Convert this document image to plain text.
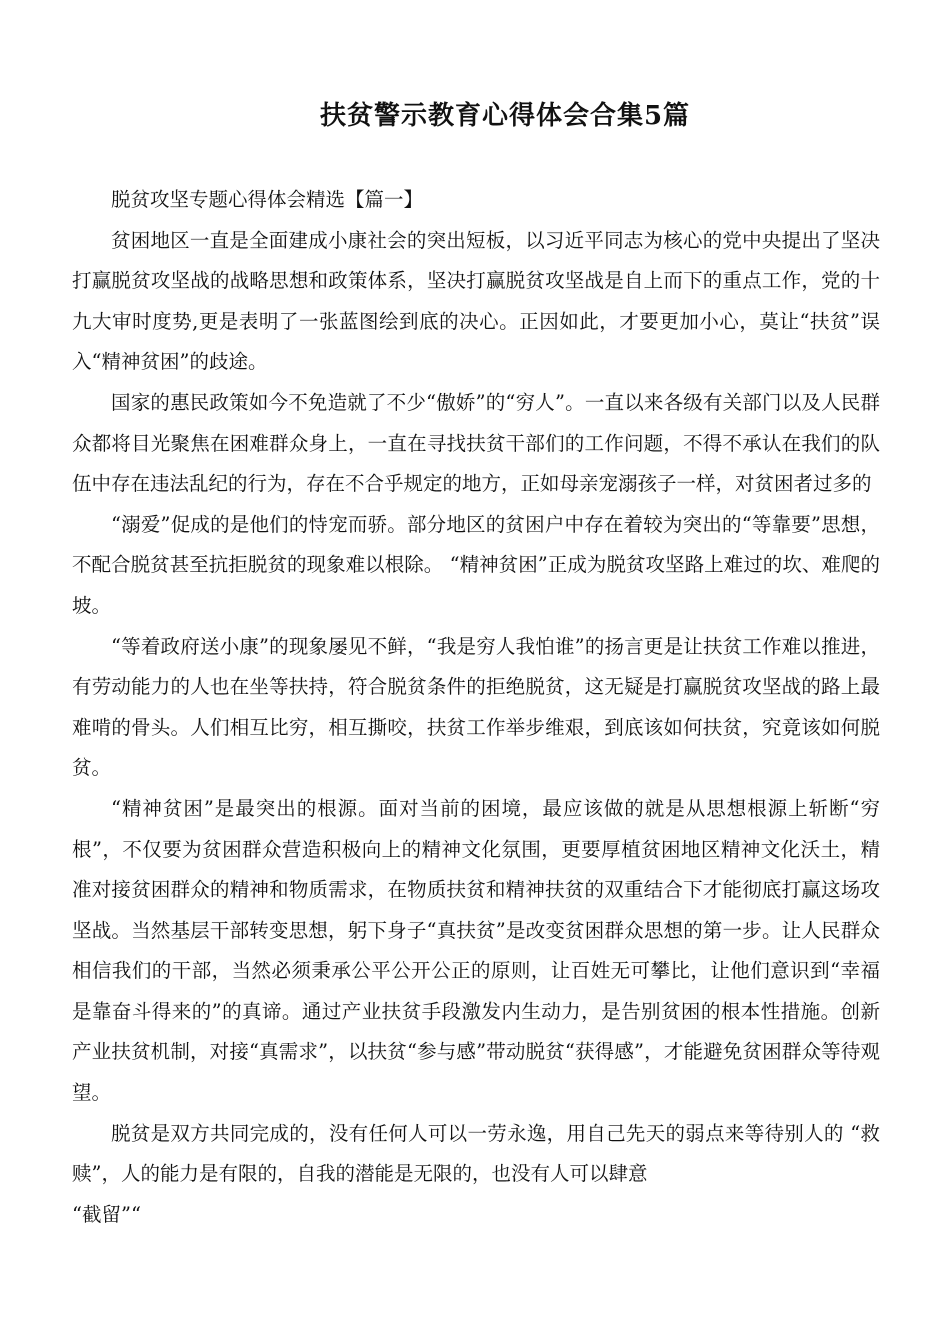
扶贫警示教育心得体会合集5篇

脱贫攻坚专题心得体会精选【篇一】

贫困地区一直是全面建成小康社会的突出短板，以习近平同志为核心的党中央提出了坚决打赢脱贫攻坚战的战略思想和政策体系，坚决打赢脱贫攻坚战是自上而下的重点工作，党的十九大审时度势,更是表明了一张蓝图绘到底的决心。正因如此，才要更加小心，莫让“扶贫”误入“精神贫困”的歧途。

国家的惠民政策如今不免造就了不少“傲娇”的“穷人”。一直以来各级有关部门以及人民群众都将目光聚焦在困难群众身上，一直在寻找扶贫干部们的工作问题，不得不承认在我们的队伍中存在违法乱纪的行为，存在不合乎规定的地方，正如母亲宠溺孩子一样，对贫困者过多的

“溺爱”促成的是他们的恃宠而骄。部分地区的贫困户中存在着较为突出的“等靠要”思想，不配合脱贫甚至抗拒脱贫的现象难以根除。 “精神贫困”正成为脱贫攻坚路上难过的坎、难爬的坡。

“等着政府送小康”的现象屡见不鲜，“我是穷人我怕谁”的扬言更是让扶贫工作难以推进，有劳动能力的人也在坐等扶持，符合脱贫条件的拒绝脱贫，这无疑是打赢脱贫攻坚战的路上最难啃的骨头。人们相互比穷，相互撕咬，扶贫工作举步维艰，到底该如何扶贫，究竟该如何脱贫。

“精神贫困”是最突出的根源。面对当前的困境，最应该做的就是从思想根源上斩断“穷根”，不仅要为贫困群众营造积极向上的精神文化氛围，更要厚植贫困地区精神文化沃土，精准对接贫困群众的精神和物质需求，在物质扶贫和精神扶贫的双重结合下才能彻底打赢这场攻坚战。当然基层干部转变思想，躬下身子“真扶贫”是改变贫困群众思想的第一步。让人民群众相信我们的干部，当然必须秉承公平公开公正的原则，让百姓无可攀比，让他们意识到“幸福是靠奋斗得来的”的真谛。通过产业扶贫手段激发内生动力，是告别贫困的根本性措施。创新产业扶贫机制，对接“真需求”，以扶贫“参与感”带动脱贫“获得感”，才能避免贫困群众等待观望。

脱贫是双方共同完成的，没有任何人可以一劳永逸，用自己先天的弱点来等待别人的 “救赎”，人的能力是有限的，自我的潜能是无限的，也没有人可以肆意

“截留”“
